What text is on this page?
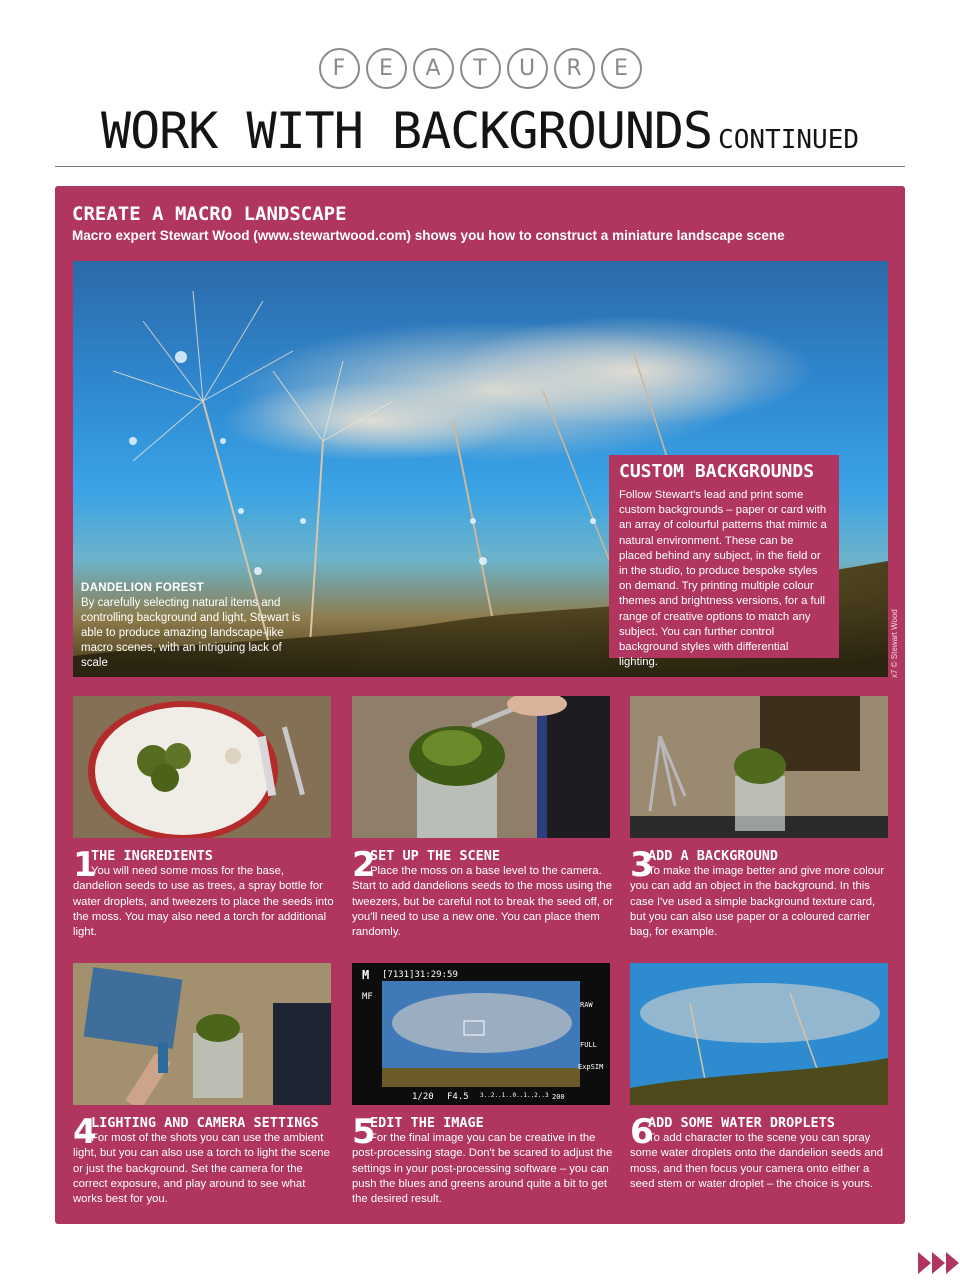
F	E	A	T	U	R	E
WORK WITH BACKGROUNDS CONTINUED
CREATE A MACRO LANDSCAPE
Macro expert Stewart Wood (www.stewartwood.com) shows you how to construct a miniature landscape scene
DANDELION FOREST
By carefully selecting natural items and controlling background and light, Stewart is able to produce amazing landscape-like macro scenes, with an intriguing lack of scale
CUSTOM BACKGROUNDS
Follow Stewart's lead and print some custom backgrounds – paper or card with an array of colourful patterns that mimic a natural environment. These can be placed behind any subject, in the field or in the studio, to produce bespoke styles on demand. Try printing multiple colour themes and brightness versions, for a full range of creative options to match any subject. You can further control background styles with differential lighting.	x7 © Stewart Wood
1
THE INGREDIENTS
You will need some moss for the base, dandelion seeds to use as trees, a spray bottle for water droplets, and tweezers to place the seeds into the moss. You may also need a torch for additional light.
2
SET UP THE SCENE
Place the moss on a base level to the camera. Start to add dandelions seeds to the moss using the tweezers, but be careful not to break the seed off, or you'll need to use a new one. You can place them randomly.
3
ADD A BACKGROUND
To make the image better and give more colour you can add an object in the background. In this case I've used a simple background texture card, but you can also use paper or a coloured carrier bag, for example.
M [7131]31:29:59
MF
RAW
FULL
ExpSIM
1/20 F4.5 3..2..1..0..1..2..3 200
4
LIGHTING AND CAMERA SETTINGS
For most of the shots you can use the ambient light, but you can also use a torch to light the scene or just the background. Set the camera for the correct exposure, and play around to see what works best for you.
5
EDIT THE IMAGE
For the final image you can be creative in the post-processing stage. Don't be scared to adjust the settings in your post-processing software – you can push the blues and greens around quite a bit to get the desired result.
6
ADD SOME WATER DROPLETS
To add character to the scene you can spray some water droplets onto the dandelion seeds and moss, and then focus your camera onto either a seed stem or water droplet – the choice is yours.
